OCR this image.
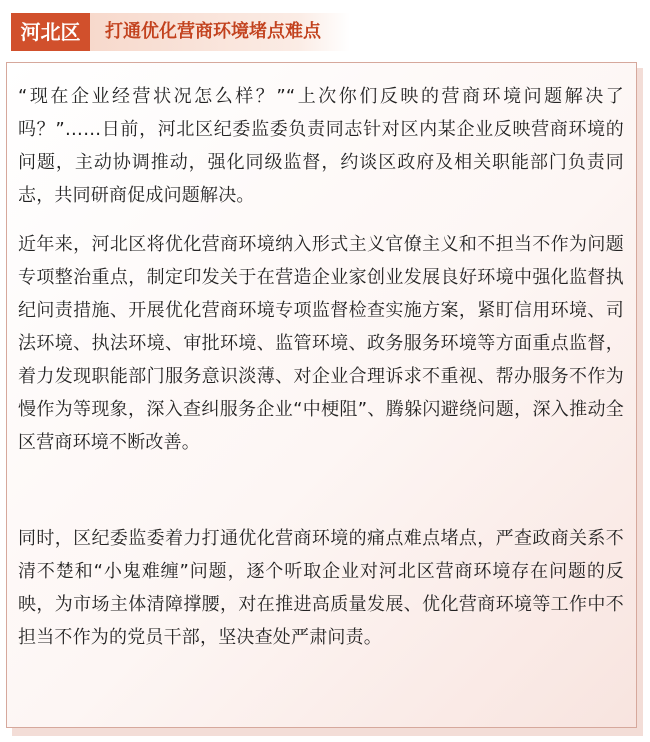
河北区	打通优化营商环境堵点难点

“现在企业经营状况怎么样？”“上次你们反映的营商环境问题解决了吗？”……日前，河北区纪委监委负责同志针对区内某企业反映营商环境的问题，主动协调推动，强化同级监督，约谈区政府及相关职能部门负责同志，共同研商促成问题解决。

近年来，河北区将优化营商环境纳入形式主义官僚主义和不担当不作为问题专项整治重点，制定印发关于在营造企业家创业发展良好环境中强化监督执纪问责措施、开展优化营商环境专项监督检查实施方案，紧盯信用环境、司法环境、执法环境、审批环境、监管环境、政务服务环境等方面重点监督，着力发现职能部门服务意识淡薄、对企业合理诉求不重视、帮办服务不作为慢作为等现象，深入查纠服务企业“中梗阻”、腾躲闪避绕问题，深入推动全区营商环境不断改善。

同时，区纪委监委着力打通优化营商环境的痛点难点堵点，严查政商关系不清不楚和“小鬼难缠”问题，逐个听取企业对河北区营商环境存在问题的反映，为市场主体清障撑腰，对在推进高质量发展、优化营商环境等工作中不担当不作为的党员干部，坚决查处严肃问责。
